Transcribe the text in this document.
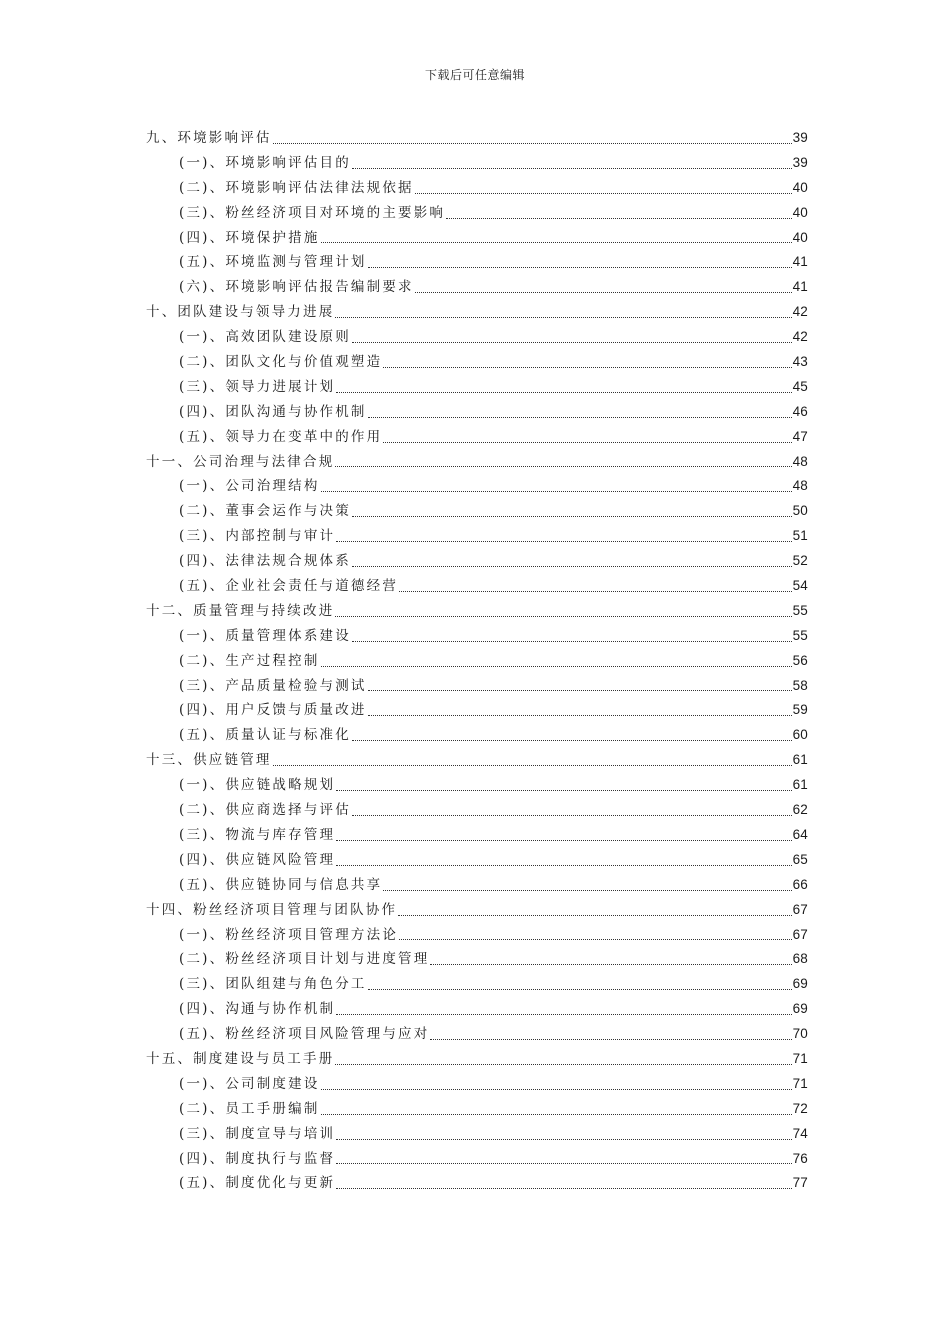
下载后可任意编辑
九、环境影响评估	39
(一)、环境影响评估目的	39
(二)、环境影响评估法律法规依据	40
(三)、粉丝经济项目对环境的主要影响	40
(四)、环境保护措施	40
(五)、环境监测与管理计划	41
(六)、环境影响评估报告编制要求	41
十、团队建设与领导力进展	42
(一)、高效团队建设原则	42
(二)、团队文化与价值观塑造	43
(三)、领导力进展计划	45
(四)、团队沟通与协作机制	46
(五)、领导力在变革中的作用	47
十一、公司治理与法律合规	48
(一)、公司治理结构	48
(二)、董事会运作与决策	50
(三)、内部控制与审计	51
(四)、法律法规合规体系	52
(五)、企业社会责任与道德经营	54
十二、质量管理与持续改进	55
(一)、质量管理体系建设	55
(二)、生产过程控制	56
(三)、产品质量检验与测试	58
(四)、用户反馈与质量改进	59
(五)、质量认证与标准化	60
十三、供应链管理	61
(一)、供应链战略规划	61
(二)、供应商选择与评估	62
(三)、物流与库存管理	64
(四)、供应链风险管理	65
(五)、供应链协同与信息共享	66
十四、粉丝经济项目管理与团队协作	67
(一)、粉丝经济项目管理方法论	67
(二)、粉丝经济项目计划与进度管理	68
(三)、团队组建与角色分工	69
(四)、沟通与协作机制	69
(五)、粉丝经济项目风险管理与应对	70
十五、制度建设与员工手册	71
(一)、公司制度建设	71
(二)、员工手册编制	72
(三)、制度宣导与培训	74
(四)、制度执行与监督	76
(五)、制度优化与更新	77
